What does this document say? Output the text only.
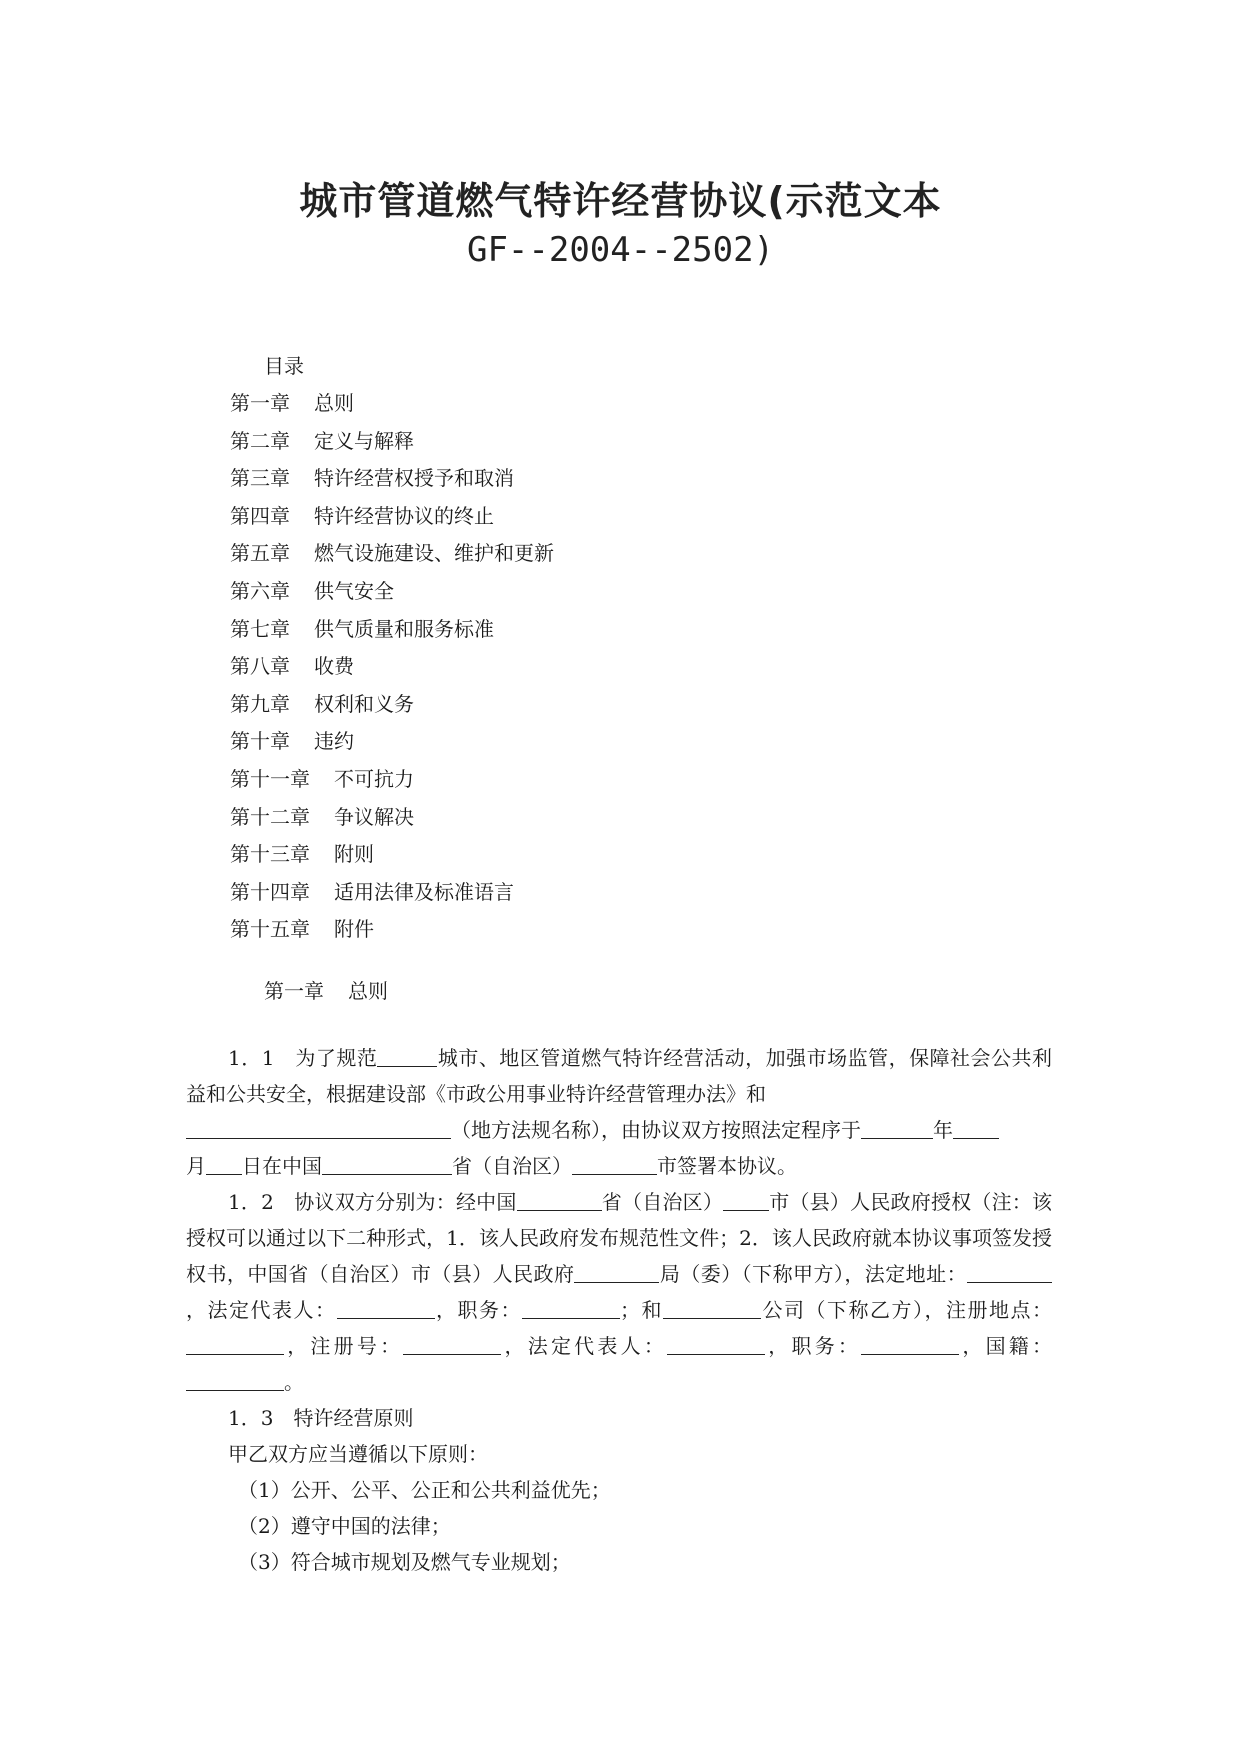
城市管道燃气特许经营协议(示范文本
GF--2004--2502)
目录
第一章 总则
第二章 定义与解释
第三章 特许经营权授予和取消
第四章 特许经营协议的终止
第五章 燃气设施建设、维护和更新
第六章 供气安全
第七章 供气质量和服务标准
第八章 收费
第九章 权利和义务
第十章 违约
第十一章 不可抗力
第十二章 争议解决
第十三章 附则
第十四章 适用法律及标准语言
第十五章 附件
第一章 总则

1．1　为了规范	城市、地区管道燃气特许经营活动，加强市场监管，保障社会公共利益和公共安全，根据建设部《市政公用事业特许经营管理办法》和
（地方法规名称），由协议双方按照法定程序于	年
月 日在中国	省（自治区）	市签署本协议。

1．2　协议双方分别为：经中国	省（自治区） 市（县）人民政府授权（注：该授权可以通过以下二种形式，1．该人民政府发布规范性文件；2．该人民政府就本协议事项签发授权书，中国省（自治区）市（县）人民政府	局（委）（下称甲方），法定地址：，法定代表人：	，职务：	；和	公司（下称乙方），注册地点：，注册号：	，法定代表人：	，职务：	，国籍：。

1．3　特许经营原则

甲乙双方应当遵循以下原则：

（1）公开、公平、公正和公共利益优先；

（2）遵守中国的法律；

（3）符合城市规划及燃气专业规划；
